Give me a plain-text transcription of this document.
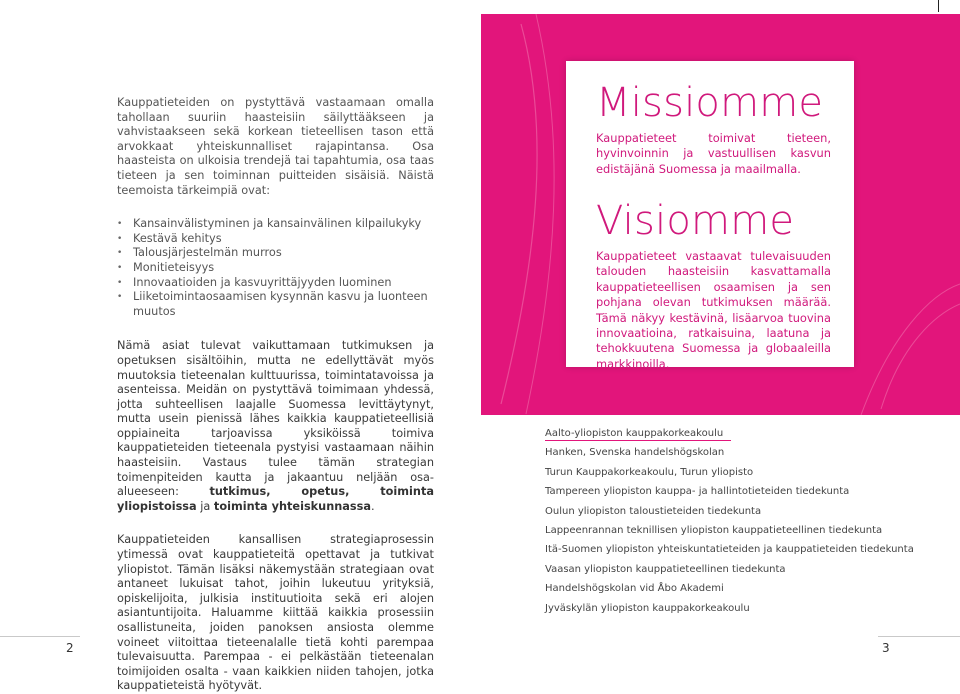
Kauppatieteiden on pystyttävä vastaamaan omalla tahollaan suuriin haasteisiin säilyttääkseen ja vahvistaakseen sekä korkean tieteellisen tason että arvokkaat yhteiskunnalliset rajapintansa. Osa haasteista on ulkoisia trendejä tai tapahtumia, osa taas tieteen ja sen toiminnan puitteiden sisäisiä. Näistä teemoista tärkeimpiä ovat:

• Kansainvälistyminen ja kansainvälinen kilpailukyky
• Kestävä kehitys
• Talousjärjestelmän murros
• Monitieteisyys
• Innovaatioiden ja kasvuyrittäjyyden luominen
• Liiketoimintaosaamisen kysynnän kasvu ja luonteen muutos

Nämä asiat tulevat vaikuttamaan tutkimuksen ja opetuksen sisältöihin, mutta ne edellyttävät myös muutoksia tieteenalan kulttuurissa, toimintatavoissa ja asenteissa. Meidän on pystyttävä toimimaan yhdessä, jotta suhteellisen laajalle Suomessa levittäytynyt, mutta usein pienissä lähes kaikkia kauppatieteellisiä oppiaineita tarjoavissa yksiköissä toimiva kauppatieteiden tieteenala pystyisi vastaamaan näihin haasteisiin. Vastaus tulee tämän strategian toimenpiteiden kautta ja jakaantuu neljään osa-alueeseen:	tutkimus, opetus, toiminta yliopistoissa ja toiminta yhteiskunnassa.

Kauppatieteiden kansallisen strategiaprosessin ytimessä ovat kauppatieteitä opettavat ja tutkivat yliopistot. Tämän lisäksi näkemystään strategiaan ovat antaneet lukuisat tahot, joihin lukeutuu yrityksiä, opiskelijoita, julkisia instituutioita sekä eri alojen asiantuntijoita. Haluamme kiittää kaikkia prosessiin osallistuneita, joiden panoksen ansiosta olemme voineet viitoittaa tieteenalalle tietä kohti parempaa tulevaisuutta. Parempaa - ei pelkästään tieteenalan toimijoiden osalta - vaan kaikkien niiden tahojen, jotka kauppatieteistä hyötyvät.

Missiomme

Kauppatieteet toimivat tieteen, hyvinvoinnin ja vastuullisen kasvun edistäjänä Suomessa ja maailmalla.

Visiomme

Kauppatieteet vastaavat tulevaisuuden talouden haasteisiin kasvattamalla kauppatieteellisen osaamisen ja sen pohjana olevan tutkimuksen määrää. Tämä näkyy kestävinä, lisäarvoa tuovina innovaatioina, ratkaisuina, laatuna ja tehokkuutena Suomessa ja globaaleilla markkinoilla.

Aalto-yliopiston kauppakorkeakoulu
Hanken, Svenska handelshögskolan
Turun Kauppakorkeakoulu, Turun yliopisto
Tampereen yliopiston kauppa- ja hallintotieteiden tiedekunta
Oulun yliopiston taloustieteiden tiedekunta
Lappeenrannan teknillisen yliopiston kauppatieteellinen tiedekunta
Itä-Suomen yliopiston yhteiskuntatieteiden ja kauppatieteiden tiedekunta
Vaasan yliopiston kauppatieteellinen tiedekunta
Handelshögskolan vid Åbo Akademi
Jyväskylän yliopiston kauppakorkeakoulu
2	3
